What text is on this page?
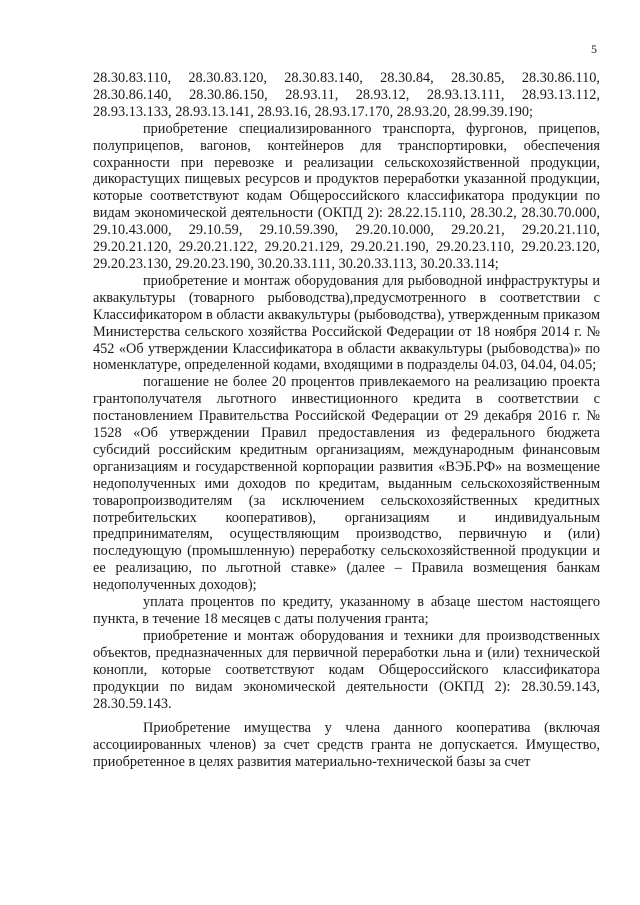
5

28.30.83.110, 28.30.83.120, 28.30.83.140, 28.30.84, 28.30.85, 28.30.86.110, 28.30.86.140, 28.30.86.150, 28.93.11, 28.93.12, 28.93.13.111, 28.93.13.112, 28.93.13.133, 28.93.13.141, 28.93.16, 28.93.17.170, 28.93.20, 28.99.39.190;

приобретение специализированного транспорта, фургонов, прицепов, полуприцепов, вагонов, контейнеров для транспортировки, обеспечения сохранности при перевозке и реализации сельскохозяйственной продукции, дикорастущих пищевых ресурсов и продуктов переработки указанной продукции, которые соответствуют кодам Общероссийского классификатора продукции по видам экономической деятельности (ОКПД 2): 28.22.15.110, 28.30.2, 28.30.70.000, 29.10.43.000, 29.10.59, 29.10.59.390, 29.20.10.000, 29.20.21, 29.20.21.110, 29.20.21.120, 29.20.21.122, 29.20.21.129, 29.20.21.190, 29.20.23.110, 29.20.23.120, 29.20.23.130, 29.20.23.190, 30.20.33.111, 30.20.33.113, 30.20.33.114;

приобретение и монтаж оборудования для рыбоводной инфраструктуры и аквакультуры (товарного рыбоводства),предусмотренного в соответствии с Классификатором в области аквакультуры (рыбоводства), утвержденным приказом Министерства сельского хозяйства Российской Федерации от 18 ноября 2014 г. № 452 «Об утверждении Классификатора в области аквакультуры (рыбоводства)» по номенклатуре, определенной кодами, входящими в подразделы 04.03, 04.04, 04.05;

погашение не более 20 процентов привлекаемого на реализацию проекта грантополучателя льготного инвестиционного кредита в соответствии с постановлением Правительства Российской Федерации от 29 декабря 2016 г. № 1528 «Об утверждении Правил предоставления из федерального бюджета субсидий российским кредитным организациям, международным финансовым организациям и государственной корпорации развития «ВЭБ.РФ» на возмещение недополученных ими доходов по кредитам, выданным сельскохозяйственным товаропроизводителям (за исключением сельскохозяйственных кредитных потребительских кооперативов), организациям и индивидуальным предпринимателям, осуществляющим производство, первичную и (или) последующую (промышленную) переработку сельскохозяйственной продукции и ее реализацию, по льготной ставке» (далее – Правила возмещения банкам недополученных доходов);

уплата процентов по кредиту, указанному в абзаце шестом настоящего пункта, в течение 18 месяцев с даты получения гранта;

приобретение и монтаж оборудования и техники для производственных объектов, предназначенных для первичной переработки льна и (или) технической конопли, которые соответствуют кодам Общероссийского классификатора продукции по видам экономической деятельности (ОКПД 2): 28.30.59.143, 28.30.59.143.

Приобретение имущества у члена данного кооператива (включая ассоциированных членов) за счет средств гранта не допускается. Имущество, приобретенное в целях развития материально-технической базы за счет
